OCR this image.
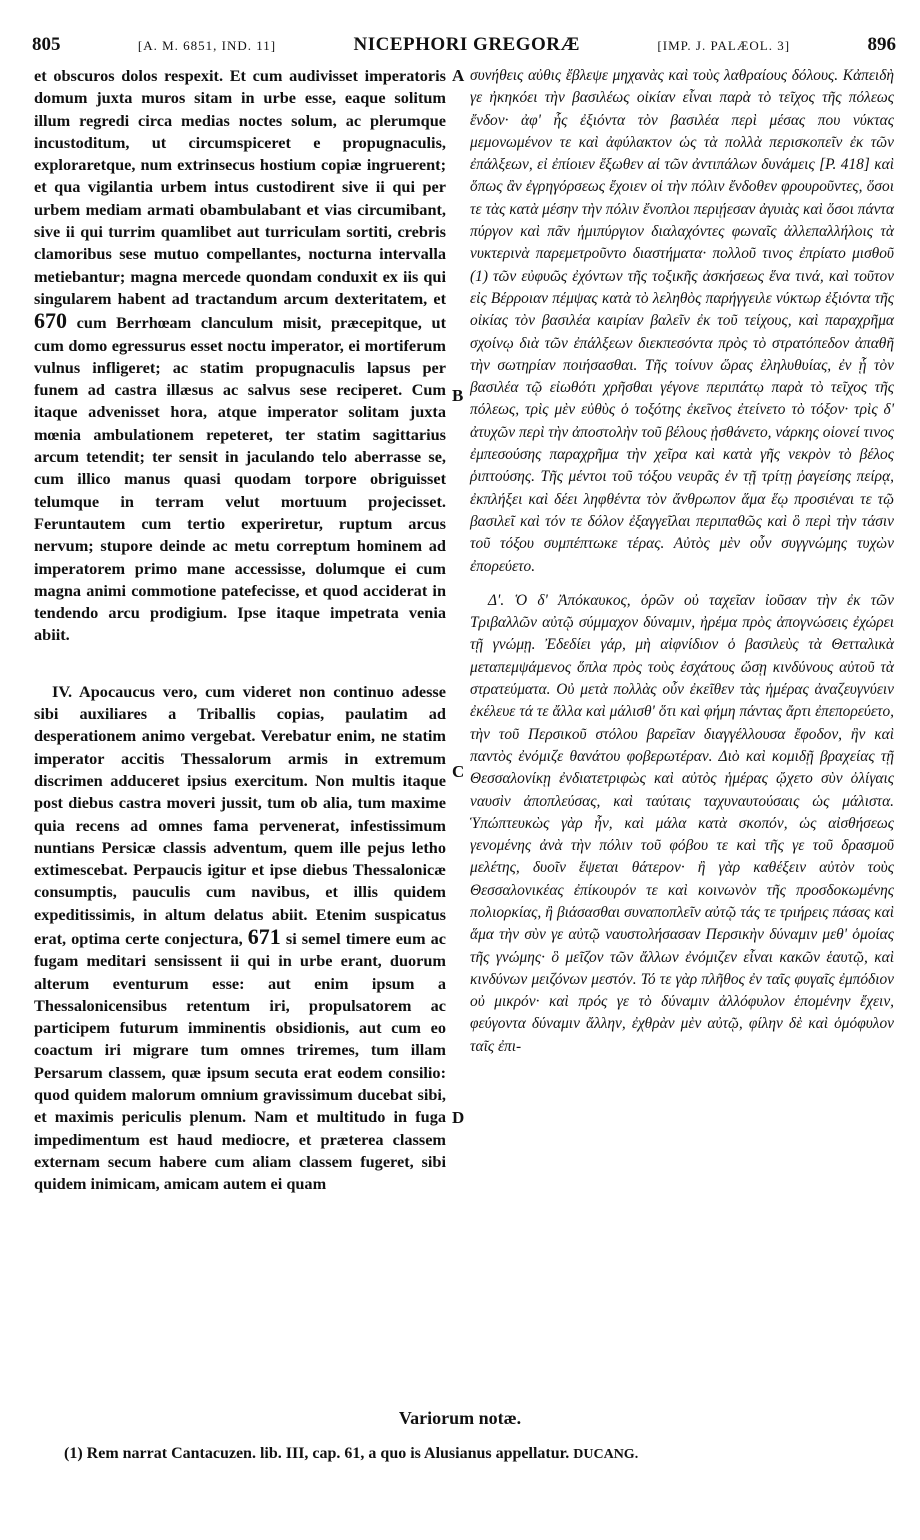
805	[A. M. 6851, IND. 11]	NICEPHORI GREGORÆ	[IMP. J. PALÆOL. 3]	896

et obscuros dolos respexit. Et cum audivisset imperatoris domum juxta muros sitam in urbe esse, eaque solitum illum regredi circa medias noctes solum, ac plerumque incustoditum, ut circumspiceret e propugnaculis, exploraretque, num extrinsecus hostium copiæ ingruerent; et qua vigilantia urbem intus custodirent sive ii qui per urbem mediam armati obambulabant et vias circumibant, sive ii qui turrim quamlibet aut turriculam sortiti, crebris clamoribus sese mutuo compellantes, nocturna intervalla metiebantur; magna mercede quondam conduxit ex iis qui singularem habent ad tractandum arcum dexteritatem, et 670 cum Berrhœam clanculum misit, præcepitque, ut cum domo egressurus esset noctu imperator, ei mortiferum vulnus infligeret; ac statim propugnaculis lapsus per funem ad castra illæsus ac salvus sese reciperet. Cum itaque advenisset hora, atque imperator solitam juxta mœnia ambulationem repeteret, ter statim sagittarius arcum tetendit; ter sensit in jaculando telo aberrasse se, cum illico manus quasi quodam torpore obriguisset telumque in terram velut mortuum projecisset. Feruntautem cum tertio experiretur, ruptum arcus nervum; stupore deinde ac metu correptum hominem ad imperatorem primo mane accessisse, dolumque ei cum magna animi commotione patefecisse, et quod acciderat in tendendo arcu prodigium. Ipse itaque impetrata venia abiit.

IV. Apocaucus vero, cum videret non continuo adesse sibi auxiliares a Triballis copias, paulatim ad desperationem animo vergebat. Verebatur enim, ne statim imperator accitis Thessalorum armis in extremum discrimen adduceret ipsius exercitum. Non multis itaque post diebus castra moveri jussit, tum ob alia, tum maxime quia recens ad omnes fama pervenerat, infestissimum nuntians Persicæ classis adventum, quem ille pejus letho extimescebat. Perpaucis igitur et ipse diebus Thessalonicæ consumptis, pauculis cum navibus, et illis quidem expeditissimis, in altum delatus abiit. Etenim suspicatus erat, optima certe conjectura, 671 si semel timere eum ac fugam meditari sensissent ii qui in urbe erant, duorum alterum eventurum esse: aut enim ipsum a Thessalonicensibus retentum iri, propulsatorem ac participem futurum imminentis obsidionis, aut cum eo coactum iri migrare tum omnes triremes, tum illam Persarum classem, quæ ipsum secuta erat eodem consilio: quod quidem malorum omnium gravissimum ducebat sibi, et maximis periculis plenum. Nam et multitudo in fuga impedimentum est haud mediocre, et præterea classem externam secum habere cum aliam classem fugeret, sibi quidem inimicam, amicam autem ei quam

A
B
C
D

συνήθεις αὐθις ἔβλεψε μηχανὰς καὶ τοὺς λαθραίους δόλους. Κἀπειδὴ γε ἠκηκόει τὴν βασιλέως οἰκίαν εἶναι παρὰ τὸ τεῖχος τῆς πόλεως ἔνδον· ἀφ' ἧς ἐξιόντα τὸν βασιλέα περὶ μέσας που νύκτας μεμονωμένον τε καὶ ἀφύλακτον ὡς τὰ πολλὰ περισκοπεῖν ἐκ τῶν ἐπάλξεων, εἰ ἐπίοιεν ἔξωθεν αἱ τῶν ἀντιπάλων δυνάμεις [P. 418] καὶ ὅπως ἂν ἐγρηγόρσεως ἔχοιεν οἱ τὴν πόλιν ἔνδοθεν φρουροῦντες, ὅσοι τε τὰς κατὰ μέσην τὴν πόλιν ἔνοπλοι περιῄεσαν ἀγυιὰς καὶ ὅσοι πάντα πύργον καὶ πᾶν ἡμιπύργιον διαλαχόντες φωναῖς ἀλλεπαλλήλοις τὰ νυκτερινὰ παρεμετροῦντο διαστήματα· πολλοῦ τινος ἐπρίατο μισθοῦ (1) τῶν εὐφυῶς ἐχόντων τῆς τοξικῆς ἀσκήσεως ἕνα τινά, καὶ τοῦτον εἰς Βέρροιαν πέμψας κατὰ τὸ λεληθὸς παρήγγειλε νύκτωρ ἐξιόντα τῆς οἰκίας τὸν βασιλέα καιρίαν βαλεῖν ἐκ τοῦ τείχους, καὶ παραχρῆμα σχοίνῳ διὰ τῶν ἐπάλξεων διεκπεσόντα πρὸς τὸ στρατόπεδον ἀπαθῆ τὴν σωτηρίαν ποιήσασθαι. Τῆς τοίνυν ὥρας ἐληλυθυίας, ἐν ᾗ τὸν βασιλέα τῷ εἰωθότι χρῆσθαι γέγονε περιπάτῳ παρὰ τὸ τεῖχος τῆς πόλεως, τρὶς μὲν εὐθὺς ὁ τοξότης ἐκεῖνος ἐτείνετο τὸ τόξον· τρὶς δ' ἀτυχῶν περὶ τὴν ἀποστολὴν τοῦ βέλους ᾐσθάνετο, νάρκης οἱονεί τινος ἐμπεσούσης παραχρῆμα τὴν χεῖρα καὶ κατὰ γῆς νεκρὸν τὸ βέλος ῥιπτούσης. Τῆς μέντοι τοῦ τόξου νευρᾶς ἐν τῇ τρίτῃ ῥαγείσης πείρᾳ, ἐκπλήξει καὶ δέει ληφθέντα τὸν ἄνθρωπον ἅμα ἕῳ προσιέναι τε τῷ βασιλεῖ καὶ τόν τε δόλον ἐξαγγεῖλαι περιπαθῶς καὶ ὃ περὶ τὴν τάσιν τοῦ τόξου συμπέπτωκε τέρας. Αὐτὸς μὲν οὖν συγγνώμης τυχὼν ἐπορεύετο.

Δ'. Ὁ δ' Ἀπόκαυκος, ὁρῶν οὐ ταχεῖαν ἰοῦσαν τὴν ἐκ τῶν Τριβαλλῶν αὐτῷ σύμμαχον δύναμιν, ἠρέμα πρὸς ἀπογνώσεις ἐχώρει τῇ γνώμῃ. Ἐδεδίει γάρ, μὴ αἰφνίδιον ὁ βασιλεὺς τὰ Θετταλικὰ μεταπεμψάμενος ὅπλα πρὸς τοὺς ἐσχάτους ὤσῃ κινδύνους αὐτοῦ τὰ στρατεύματα. Οὐ μετὰ πολλὰς οὖν ἐκεῖθεν τὰς ἡμέρας ἀναζευγνύειν ἐκέλευε τά τε ἄλλα καὶ μάλισθ' ὅτι καὶ φήμη πάντας ἄρτι ἐπεπορεύετο, τὴν τοῦ Περσικοῦ στόλου βαρεῖαν διαγγέλλουσα ἔφοδον, ἣν καὶ παντὸς ἐνόμιζε θανάτου φοβερωτέραν. Διὸ καὶ κομιδῇ βραχείας τῇ Θεσσαλονίκῃ ἐνδιατετριφὼς καὶ αὐτὸς ἡμέρας ᾤχετο σὺν ὀλίγαις ναυσὶν ἀποπλεύσας, καὶ ταύταις ταχυναυτούσαις ὡς μάλιστα. Ὑπώπτευκὼς γὰρ ἦν, καὶ μάλα κατὰ σκοπόν, ὡς αἰσθήσεως γενομένης ἀνὰ τὴν πόλιν τοῦ φόβου τε καὶ τῆς γε τοῦ δρασμοῦ μελέτης, δυοῖν ἔψεται θάτερον· ἢ γὰρ καθέξειν αὐτὸν τοὺς Θεσσαλονικέας ἐπίκουρόν τε καὶ κοινωνὸν τῆς προσδοκωμένης πολιορκίας, ἢ βιάσασθαι συναποπλεῖν αὐτῷ τάς τε τριήρεις πάσας καὶ ἅμα τὴν σὺν γε αὐτῷ ναυστολήσασαν Περσικὴν δύναμιν μεθ' ὁμοίας τῆς γνώμης· ὃ μεῖζον τῶν ἄλλων ἐνόμιζεν εἶναι κακῶν ἑαυτῷ, καὶ κινδύνων μειζόνων μεστόν. Τό τε γὰρ πλῆθος ἐν ταῖς φυγαῖς ἐμπόδιον οὐ μικρόν· καὶ πρός γε τὸ δύναμιν ἀλλόφυλον ἑπομένην ἔχειν, φεύγοντα δύναμιν ἄλλην, ἐχθρὰν μὲν αὐτῷ, φίλην δὲ καὶ ὁμόφυλον ταῖς ἐπι-

Variorum notæ.
(1) Rem narrat Cantacuzen. lib. III, cap. 61, a quo is Alusianus appellatur. DUCANG.
